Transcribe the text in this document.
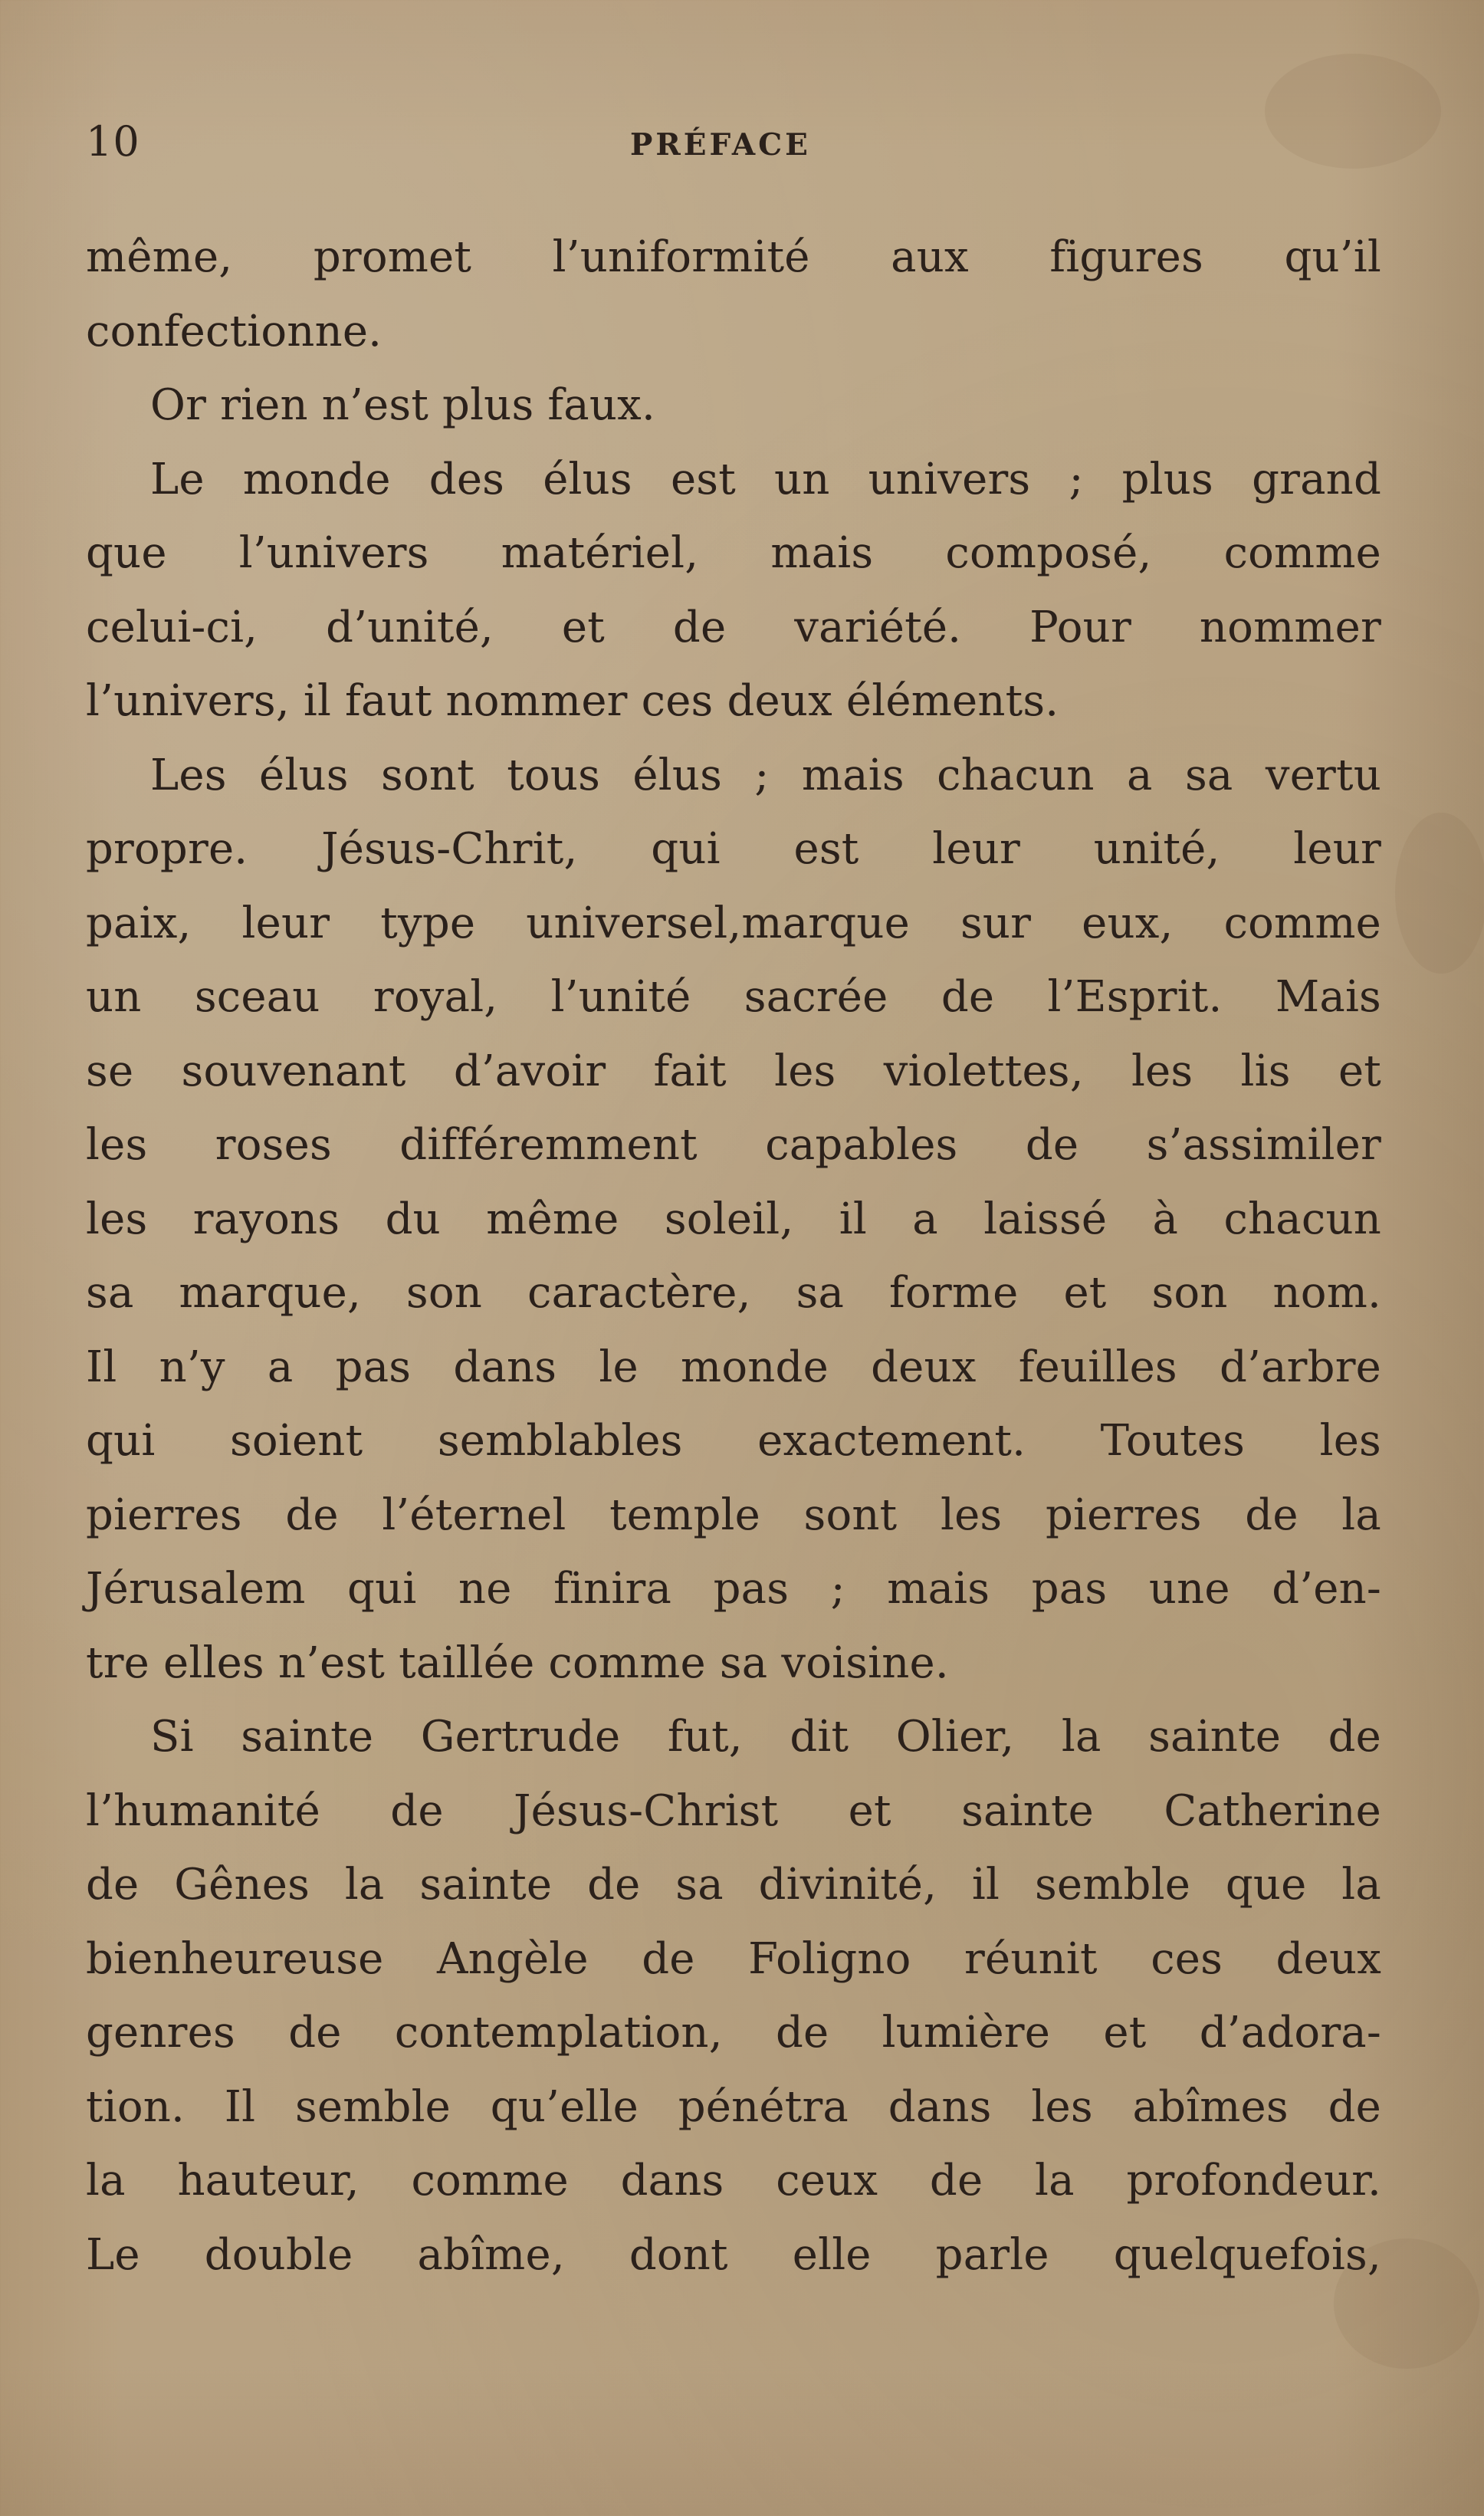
10	PRÉFACE
même, promet l’uniformité aux figures qu’il
confectionne.
Or rien n’est plus faux.
Le monde des élus est un univers ; plus grand
que l’univers matériel, mais composé, comme
celui-ci, d’unité, et de variété. Pour nommer
l’univers, il faut nommer ces deux éléments.
Les élus sont tous élus ; mais chacun a sa vertu
propre. Jésus-Chrit, qui est leur unité, leur
paix, leur type universel,marque sur eux, comme
un sceau royal, l’unité sacrée de l’Esprit. Mais
se souvenant d’avoir fait les violettes, les lis et
les roses différemment capables de s’assimiler
les rayons du même soleil, il a laissé à chacun
sa marque, son caractère, sa forme et son nom.
Il n’y a pas dans le monde deux feuilles d’arbre
qui soient semblables exactement. Toutes les
pierres de l’éternel temple sont les pierres de la
Jérusalem qui ne finira pas ; mais pas une d’en-
tre elles n’est taillée comme sa voisine.
Si sainte Gertrude fut, dit Olier, la sainte de
l’humanité de Jésus-Christ et sainte Catherine
de Gênes la sainte de sa divinité, il semble que la
bienheureuse Angèle de Foligno réunit ces deux
genres de contemplation, de lumière et d’adora-
tion. Il semble qu’elle pénétra dans les abîmes de
la hauteur, comme dans ceux de la profondeur.
Le double abîme, dont elle parle quelquefois,
